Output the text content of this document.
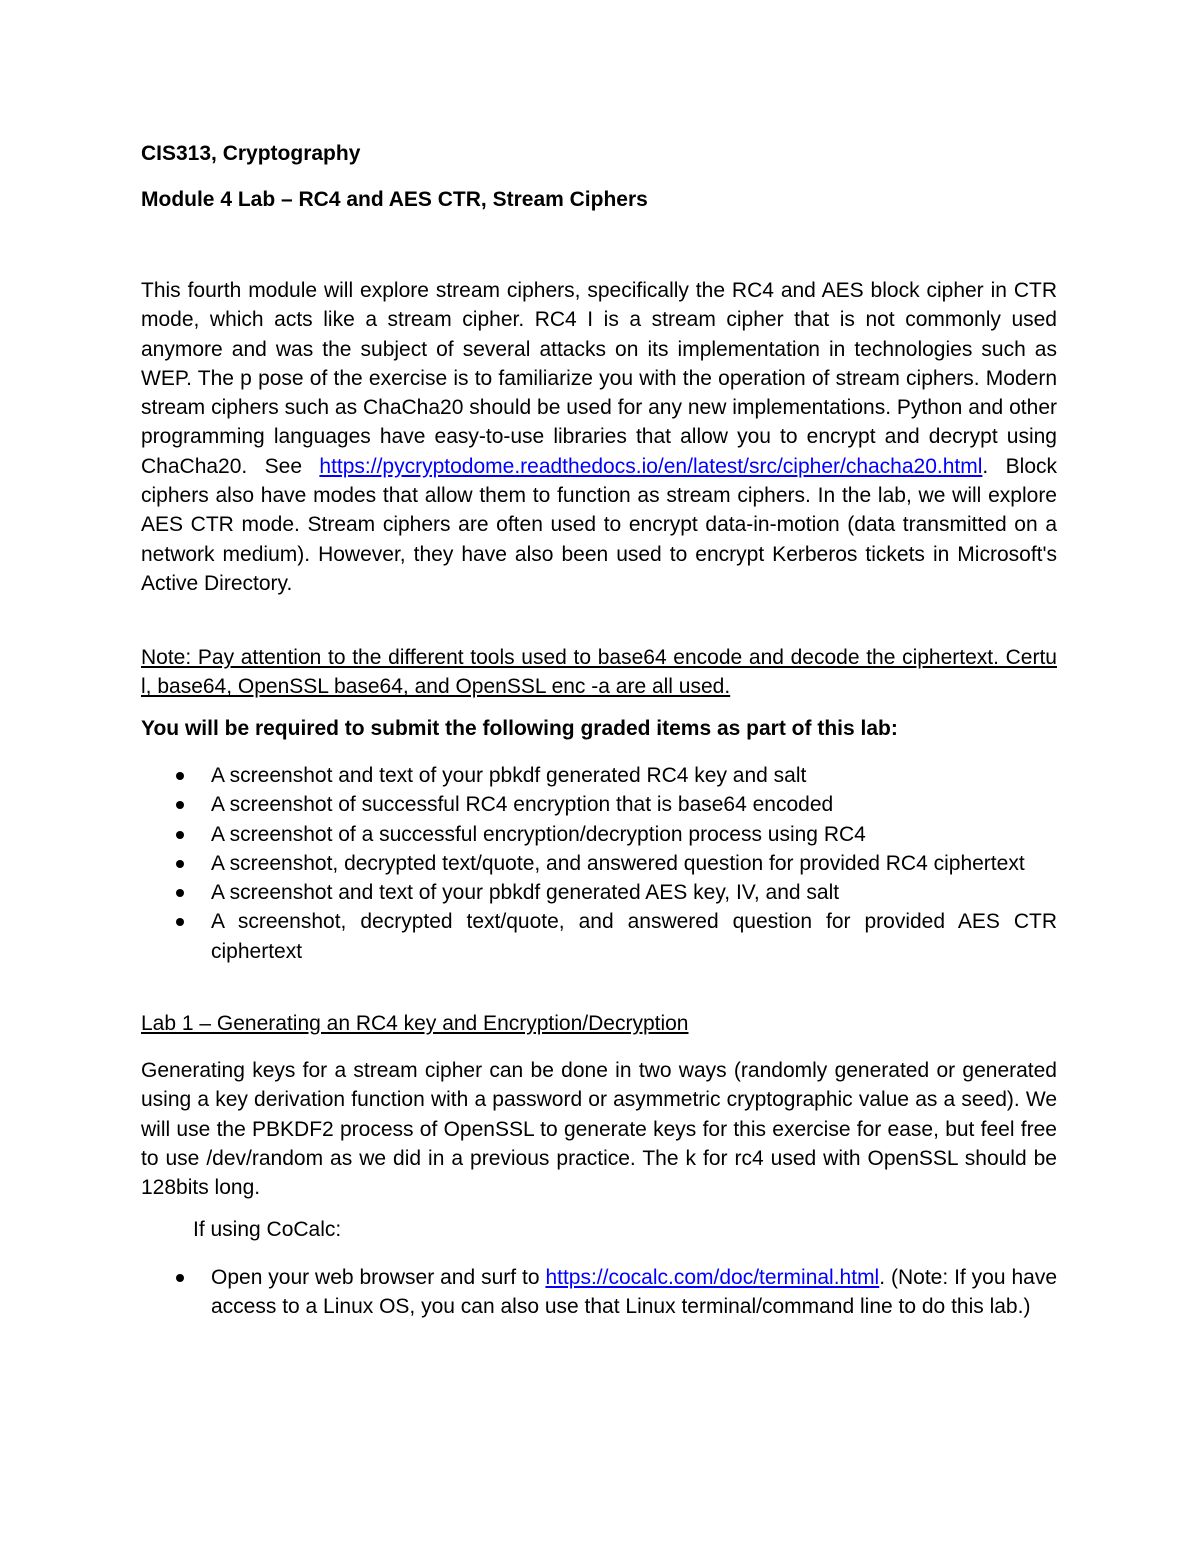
CIS313, Cryptography
Module 4 Lab – RC4 and AES CTR, Stream Ciphers
This fourth module will explore stream ciphers, specifically the RC4 and AES block cipher in CTR mode, which acts like a stream cipher. RC4 I is a stream cipher that is not commonly used anymore and was the subject of several attacks on its implementation in technologies such as WEP. The p pose of the exercise is to familiarize you with the operation of stream ciphers. Modern stream ciphers such as ChaCha20 should be used for any new implementations. Python and other programming languages have easy-to-use libraries that allow you to encrypt and decrypt using ChaCha20. See https://pycryptodome.readthedocs.io/en/latest/src/cipher/chacha20.html. Block ciphers also have modes that allow them to function as stream ciphers. In the lab, we will explore AES CTR mode. Stream ciphers are often used to encrypt data-in-motion (data transmitted on a network medium). However, they have also been used to encrypt Kerberos tickets in Microsoft's Active Directory.
Note: Pay attention to the different tools used to base64 encode and decode the ciphertext. Certu l, base64, OpenSSL base64, and OpenSSL enc -a are all used.
You will be required to submit the following graded items as part of this lab:
A screenshot and text of your pbkdf generated RC4 key and salt
A screenshot of successful RC4 encryption that is base64 encoded
A screenshot of a successful encryption/decryption process using RC4
A screenshot, decrypted text/quote, and answered question for provided RC4 ciphertext
A screenshot and text of your pbkdf generated AES key, IV, and salt
A screenshot, decrypted text/quote, and answered question for provided AES CTR ciphertext
Lab 1 – Generating an RC4 key and Encryption/Decryption
Generating keys for a stream cipher can be done in two ways (randomly generated or generated using a key derivation function with a password or asymmetric cryptographic value as a seed). We will use the PBKDF2 process of OpenSSL to generate keys for this exercise for ease, but feel free to use /dev/random as we did in a previous practice. The k for rc4 used with OpenSSL should be 128bits long.
If using CoCalc:
Open your web browser and surf to https://cocalc.com/doc/terminal.html. (Note: If you have access to a Linux OS, you can also use that Linux terminal/command line to do this lab.)
